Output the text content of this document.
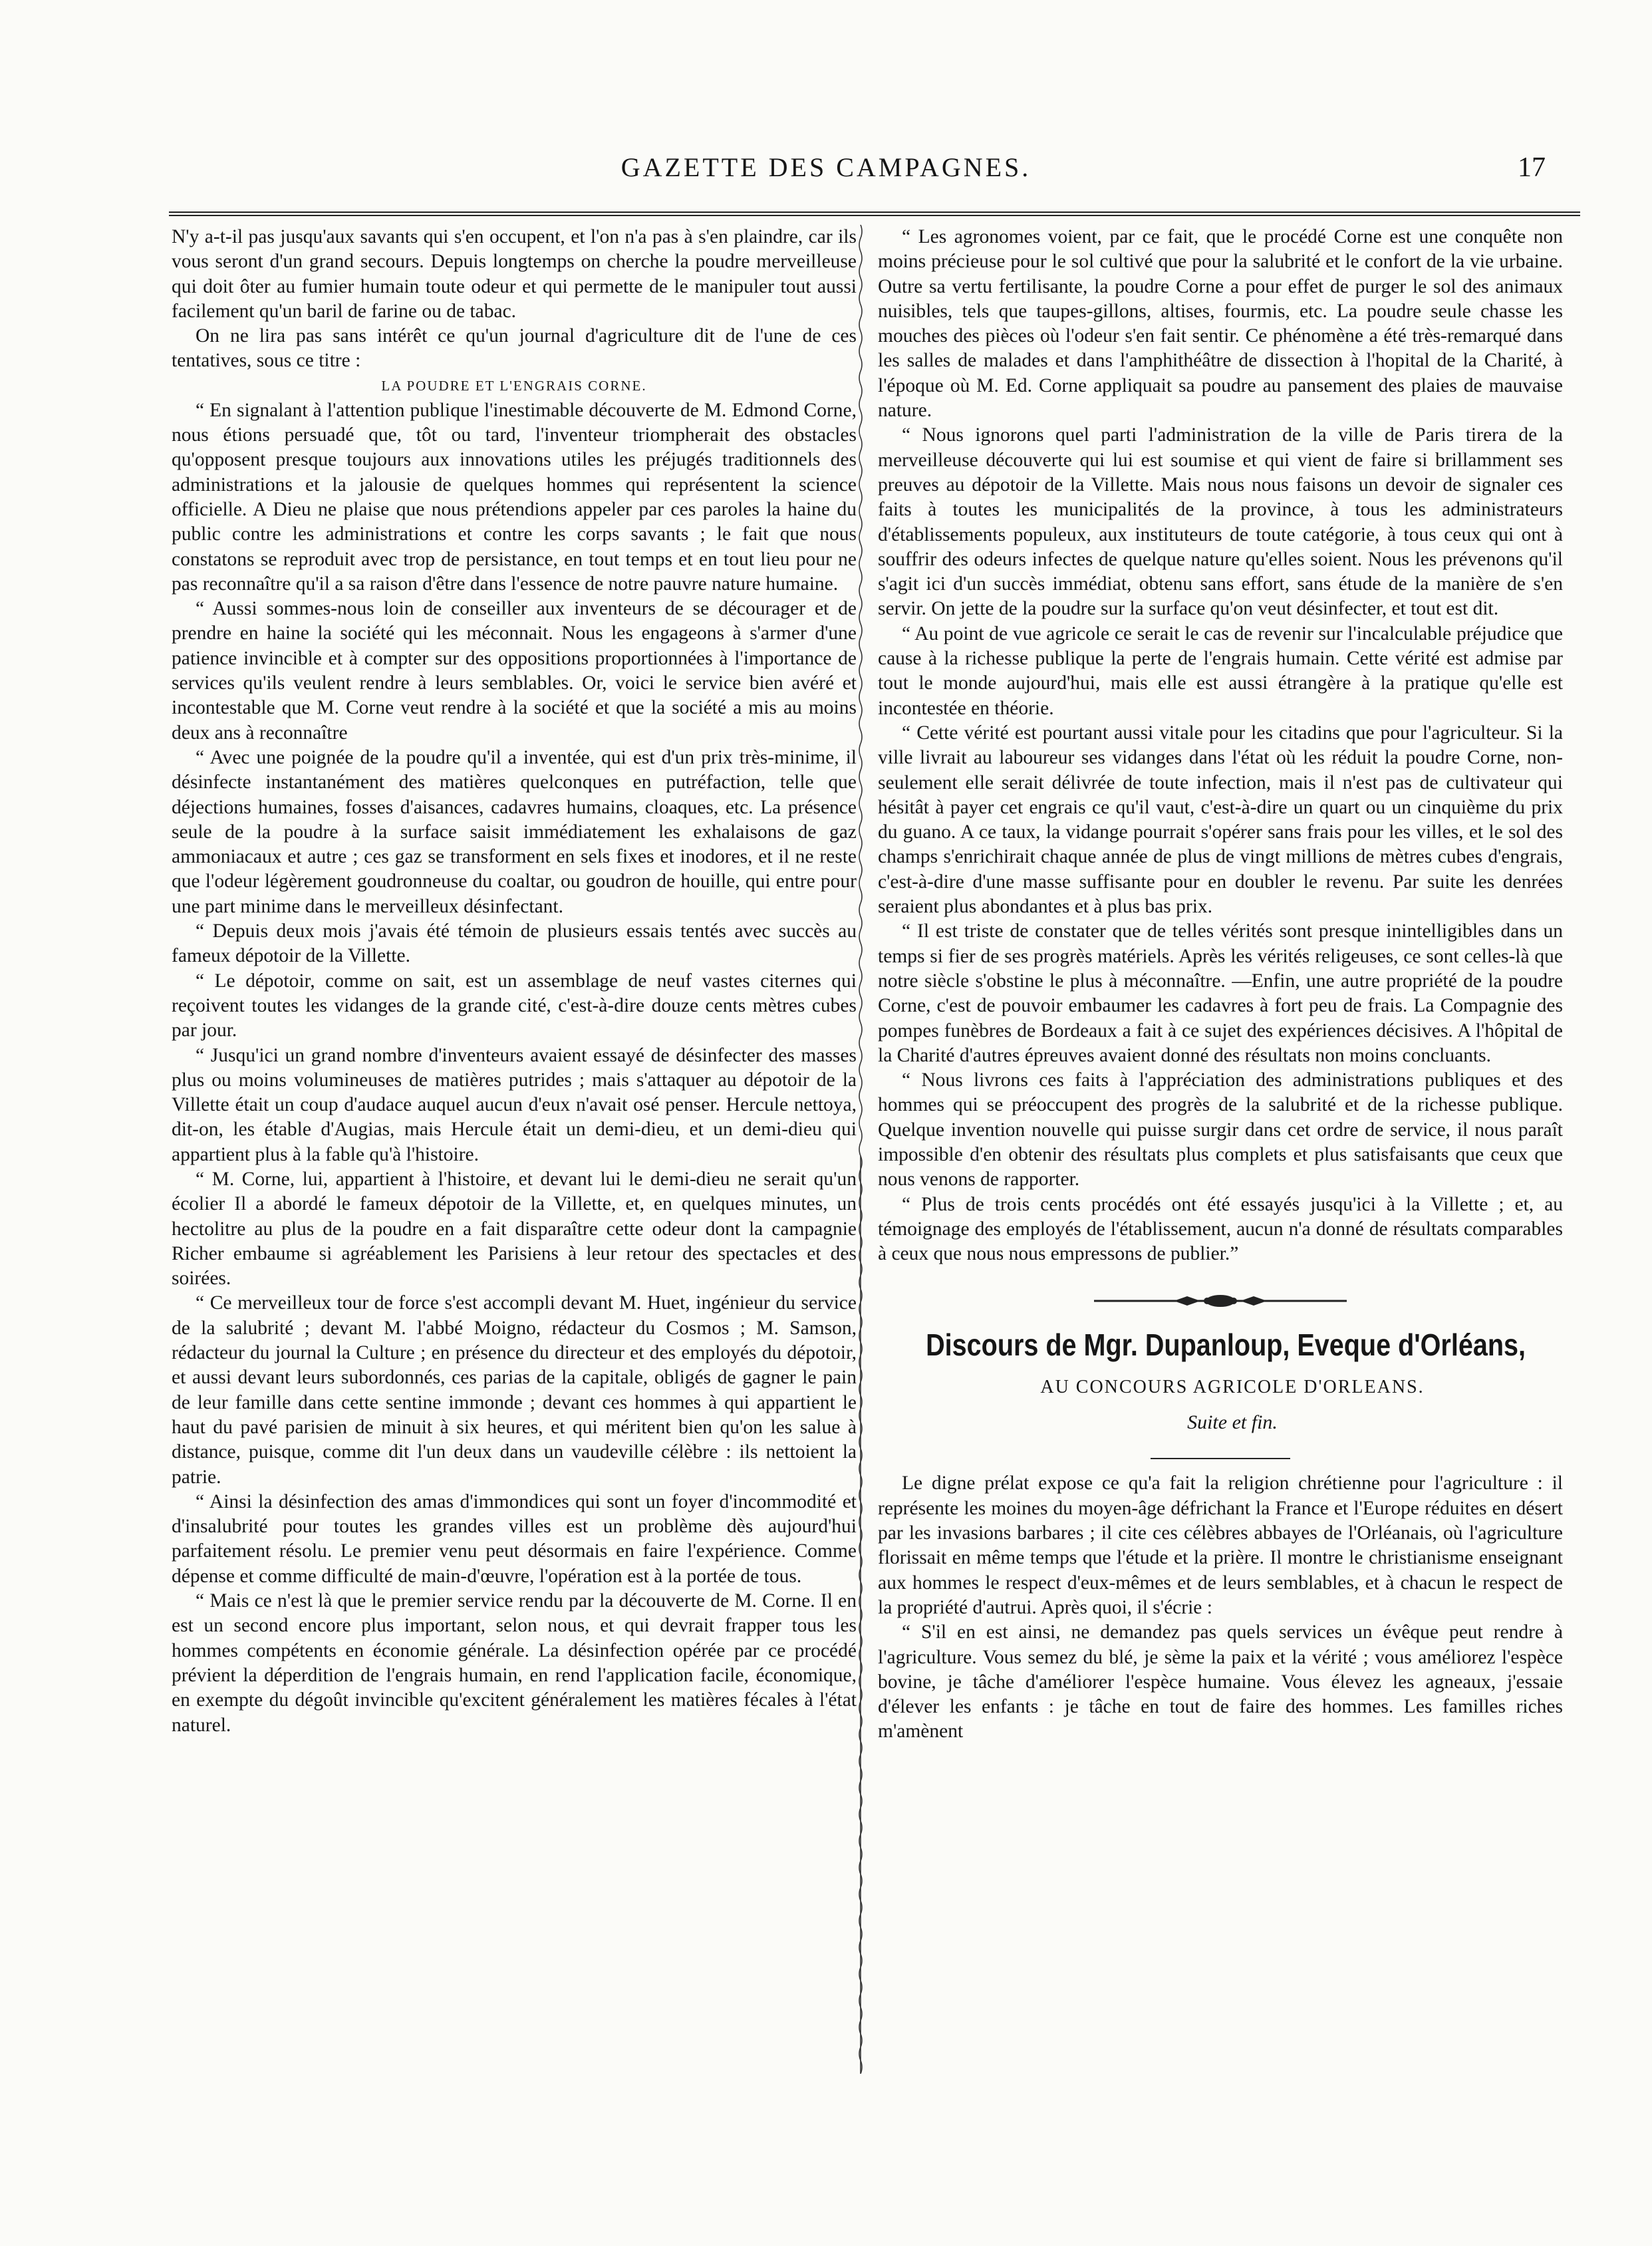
GAZETTE DES CAMPAGNES.	17

N'y a-t-il pas jusqu'aux savants qui s'en occupent, et l'on n'a pas à s'en plaindre, car ils vous seront d'un grand secours. Depuis longtemps on cherche la poudre merveilleuse qui doit ôter au fumier humain toute odeur et qui permette de le manipuler tout aussi facilement qu'un baril de farine ou de tabac.

On ne lira pas sans intérêt ce qu'un journal d'agriculture dit de l'une de ces tentatives, sous ce titre :

LA POUDRE ET L'ENGRAIS CORNE.

“ En signalant à l'attention publique l'inestimable découverte de M. Edmond Corne, nous étions persuadé que, tôt ou tard, l'inventeur triompherait des obstacles qu'opposent presque toujours aux innovations utiles les préjugés traditionnels des administrations et la jalousie de quelques hommes qui représentent la science officielle. A Dieu ne plaise que nous prétendions appeler par ces paroles la haine du public contre les administrations et contre les corps savants ; le fait que nous constatons se reproduit avec trop de persistance, en tout temps et en tout lieu pour ne pas reconnaître qu'il a sa raison d'être dans l'essence de notre pauvre nature humaine.

“ Aussi sommes-nous loin de conseiller aux inventeurs de se décourager et de prendre en haine la société qui les méconnait. Nous les engageons à s'armer d'une patience invincible et à compter sur des oppositions proportionnées à l'importance de services qu'ils veulent rendre à leurs semblables. Or, voici le service bien avéré et incontestable que M. Corne veut rendre à la société et que la société a mis au moins deux ans à reconnaître

“ Avec une poignée de la poudre qu'il a inventée, qui est d'un prix très-minime, il désinfecte instantanément des matières quelconques en putréfaction, telle que déjections humaines, fosses d'aisances, cadavres humains, cloaques, etc. La présence seule de la poudre à la surface saisit immédiatement les exhalaisons de gaz ammoniacaux et autre ; ces gaz se transforment en sels fixes et inodores, et il ne reste que l'odeur légèrement goudronneuse du coaltar, ou goudron de houille, qui entre pour une part minime dans le merveilleux désinfectant.

“ Depuis deux mois j'avais été témoin de plusieurs essais tentés avec succès au fameux dépotoir de la Villette.

“ Le dépotoir, comme on sait, est un assemblage de neuf vastes citernes qui reçoivent toutes les vidanges de la grande cité, c'est-à-dire douze cents mètres cubes par jour.

“ Jusqu'ici un grand nombre d'inventeurs avaient essayé de désinfecter des masses plus ou moins volumineuses de matières putrides ; mais s'attaquer au dépotoir de la Villette était un coup d'audace auquel aucun d'eux n'avait osé penser. Hercule nettoya, dit-on, les étable d'Augias, mais Hercule était un demi-dieu, et un demi-dieu qui appartient plus à la fable qu'à l'histoire.

“ M. Corne, lui, appartient à l'histoire, et devant lui le demi-dieu ne serait qu'un écolier Il a abordé le fameux dépotoir de la Villette, et, en quelques minutes, un hectolitre au plus de la poudre en a fait disparaître cette odeur dont la campagnie Richer embaume si agréablement les Parisiens à leur retour des spectacles et des soirées.

“ Ce merveilleux tour de force s'est accompli devant M. Huet, ingénieur du service de la salubrité ; devant M. l'abbé Moigno, rédacteur du Cosmos ; M. Samson, rédacteur du journal la Culture ; en présence du directeur et des employés du dépotoir, et aussi devant leurs subordonnés, ces parias de la capitale, obligés de gagner le pain de leur famille dans cette sentine immonde ; devant ces hommes à qui appartient le haut du pavé parisien de minuit à six heures, et qui méritent bien qu'on les salue à distance, puisque, comme dit l'un deux dans un vaudeville célèbre : ils nettoient la patrie.

“ Ainsi la désinfection des amas d'immondices qui sont un foyer d'incommodité et d'insalubrité pour toutes les grandes villes est un problème dès aujourd'hui parfaitement résolu. Le premier venu peut désormais en faire l'expérience. Comme dépense et comme difficulté de main-d'œuvre, l'opération est à la portée de tous.

“ Mais ce n'est là que le premier service rendu par la découverte de M. Corne. Il en est un second encore plus important, selon nous, et qui devrait frapper tous les hommes compétents en économie générale. La désinfection opérée par ce procédé prévient la déperdition de l'engrais humain, en rend l'application facile, économique, en exempte du dégoût invincible qu'excitent généralement les matières fécales à l'état naturel.

“ Les agronomes voient, par ce fait, que le procédé Corne est une conquête non moins précieuse pour le sol cultivé que pour la salubrité et le confort de la vie urbaine. Outre sa vertu fertilisante, la poudre Corne a pour effet de purger le sol des animaux nuisibles, tels que taupes-gillons, altises, fourmis, etc. La poudre seule chasse les mouches des pièces où l'odeur s'en fait sentir. Ce phénomène a été très-remarqué dans les salles de malades et dans l'amphithéâtre de dissection à l'hopital de la Charité, à l'époque où M. Ed. Corne appliquait sa poudre au pansement des plaies de mauvaise nature.

“ Nous ignorons quel parti l'administration de la ville de Paris tirera de la merveilleuse découverte qui lui est soumise et qui vient de faire si brillamment ses preuves au dépotoir de la Villette. Mais nous nous faisons un devoir de signaler ces faits à toutes les municipalités de la province, à tous les administrateurs d'établissements populeux, aux instituteurs de toute catégorie, à tous ceux qui ont à souffrir des odeurs infectes de quelque nature qu'elles soient. Nous les prévenons qu'il s'agit ici d'un succès immédiat, obtenu sans effort, sans étude de la manière de s'en servir. On jette de la poudre sur la surface qu'on veut désinfecter, et tout est dit.

“ Au point de vue agricole ce serait le cas de revenir sur l'incalculable préjudice que cause à la richesse publique la perte de l'engrais humain. Cette vérité est admise par tout le monde aujourd'hui, mais elle est aussi étrangère à la pratique qu'elle est incontestée en théorie.

“ Cette vérité est pourtant aussi vitale pour les citadins que pour l'agriculteur. Si la ville livrait au laboureur ses vidanges dans l'état où les réduit la poudre Corne, non-seulement elle serait délivrée de toute infection, mais il n'est pas de cultivateur qui hésitât à payer cet engrais ce qu'il vaut, c'est-à-dire un quart ou un cinquième du prix du guano. A ce taux, la vidange pourrait s'opérer sans frais pour les villes, et le sol des champs s'enrichirait chaque année de plus de vingt millions de mètres cubes d'engrais, c'est-à-dire d'une masse suffisante pour en doubler le revenu. Par suite les denrées seraient plus abondantes et à plus bas prix.

“ Il est triste de constater que de telles vérités sont presque inintelligibles dans un temps si fier de ses progrès matériels. Après les vérités religeuses, ce sont celles-là que notre siècle s'obstine le plus à méconnaître. —Enfin, une autre propriété de la poudre Corne, c'est de pouvoir embaumer les cadavres à fort peu de frais. La Compagnie des pompes funèbres de Bordeaux a fait à ce sujet des expériences décisives. A l'hôpital de la Charité d'autres épreuves avaient donné des résultats non moins concluants.

“ Nous livrons ces faits à l'appréciation des administrations publiques et des hommes qui se préoccupent des progrès de la salubrité et de la richesse publique. Quelque invention nouvelle qui puisse surgir dans cet ordre de service, il nous paraît impossible d'en obtenir des résultats plus complets et plus satisfaisants que ceux que nous venons de rapporter.

“ Plus de trois cents procédés ont été essayés jusqu'ici à la Villette ; et, au témoignage des employés de l'établissement, aucun n'a donné de résultats comparables à ceux que nous nous empressons de publier.”

Discours de Mgr. Dupanloup, Eveque d'Orléans,

AU CONCOURS AGRICOLE D'ORLEANS.

Suite et fin.

Le digne prélat expose ce qu'a fait la religion chrétienne pour l'agriculture : il représente les moines du moyen-âge défrichant la France et l'Europe réduites en désert par les invasions barbares ; il cite ces célèbres abbayes de l'Orléanais, où l'agriculture florissait en même temps que l'étude et la prière. Il montre le christianisme enseignant aux hommes le respect d'eux-mêmes et de leurs semblables, et à chacun le respect de la propriété d'autrui. Après quoi, il s'écrie :

“ S'il en est ainsi, ne demandez pas quels services un évêque peut rendre à l'agriculture. Vous semez du blé, je sème la paix et la vérité ; vous améliorez l'espèce bovine, je tâche d'améliorer l'espèce humaine. Vous élevez les agneaux, j'essaie d'élever les enfants : je tâche en tout de faire des hommes. Les familles riches m'amènent
